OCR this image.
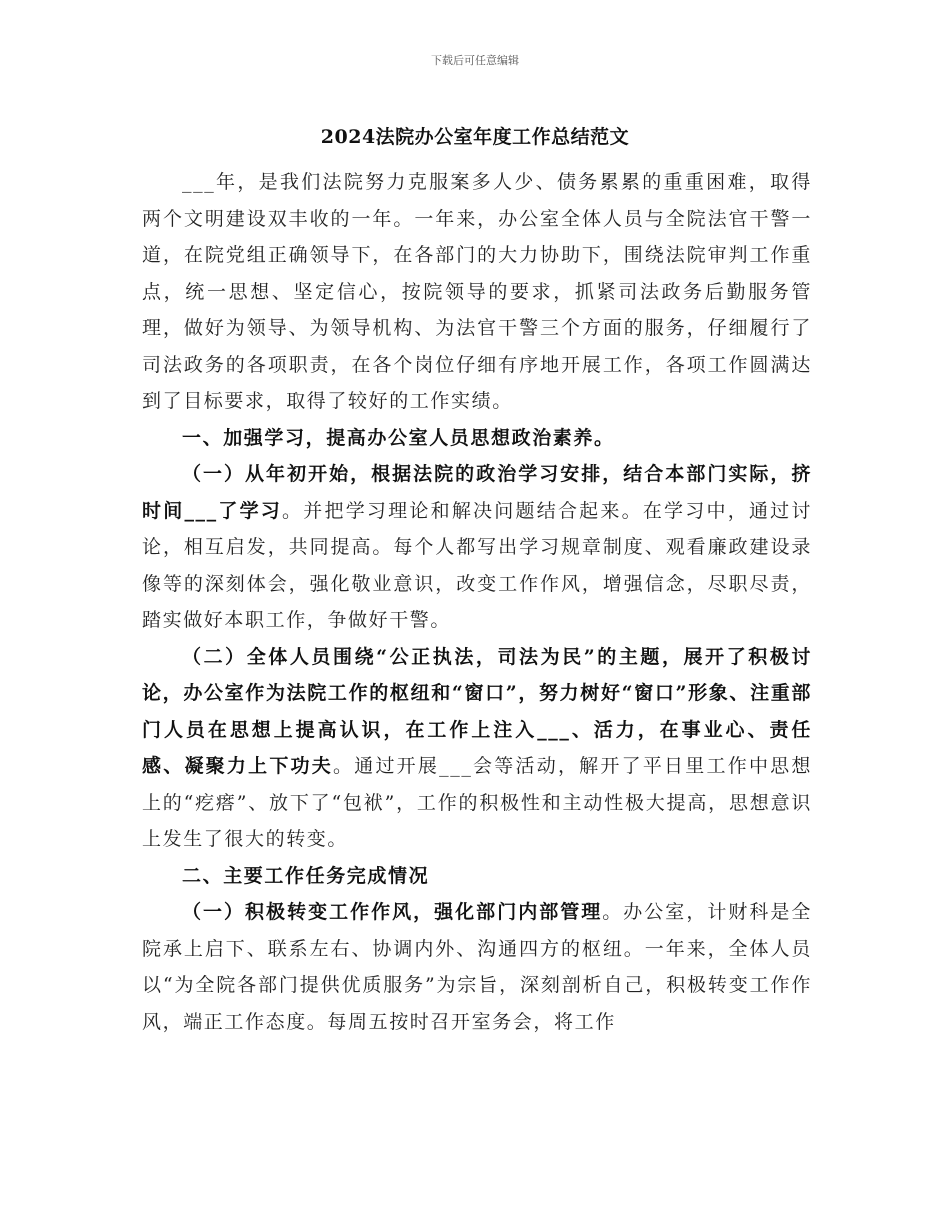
下载后可任意编辑
2024法院办公室年度工作总结范文

___年，是我们法院努力克服案多人少、债务累累的重重困难，取得两个文明建设双丰收的一年。一年来，办公室全体人员与全院法官干警一道，在院党组正确领导下，在各部门的大力协助下，围绕法院审判工作重点，统一思想、坚定信心，按院领导的要求，抓紧司法政务后勤服务管理，做好为领导、为领导机构、为法官干警三个方面的服务，仔细履行了司法政务的各项职责，在各个岗位仔细有序地开展工作，各项工作圆满达到了目标要求，取得了较好的工作实绩。

一、加强学习，提高办公室人员思想政治素养。

（一）从年初开始，根据法院的政治学习安排，结合本部门实际，挤时间___了学习。并把学习理论和解决问题结合起来。在学习中，通过讨论，相互启发，共同提高。每个人都写出学习规章制度、观看廉政建设录像等的深刻体会，强化敬业意识，改变工作作风，增强信念，尽职尽责，踏实做好本职工作，争做好干警。

（二）全体人员围绕“公正执法，司法为民”的主题，展开了积极讨论，办公室作为法院工作的枢纽和“窗口”，努力树好“窗口”形象、注重部门人员在思想上提高认识，在工作上注入___、活力，在事业心、责任感、凝聚力上下功夫。通过开展___会等活动，解开了平日里工作中思想上的“疙瘩”、放下了“包袱”，工作的积极性和主动性极大提高，思想意识上发生了很大的转变。

二、主要工作任务完成情况

（一）积极转变工作作风，强化部门内部管理。办公室，计财科是全院承上启下、联系左右、协调内外、沟通四方的枢纽。一年来，全体人员以“为全院各部门提供优质服务”为宗旨，深刻剖析自己，积极转变工作作风，端正工作态度。每周五按时召开室务会，将工作
